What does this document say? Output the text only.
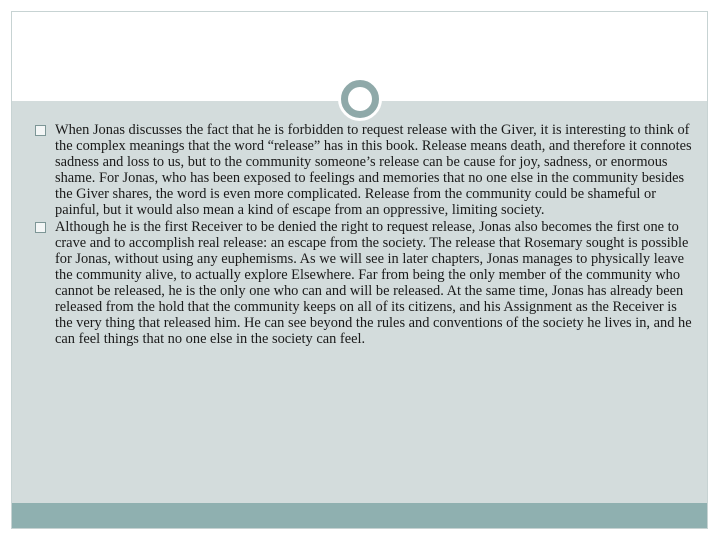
When Jonas discusses the fact that he is forbidden to request release with the Giver, it is interesting to think of the complex meanings that the word “release” has in this book. Release means death, and therefore it connotes sadness and loss to us, but to the community someone’s release can be cause for joy, sadness, or enormous shame. For Jonas, who has been exposed to feelings and memories that no one else in the community besides the Giver shares, the word is even more complicated. Release from the community could be shameful or painful, but it would also mean a kind of escape from an oppressive, limiting society.
Although he is the first Receiver to be denied the right to request release, Jonas also becomes the first one to crave and to accomplish real release: an escape from the society. The release that Rosemary sought is possible for Jonas, without using any euphemisms. As we will see in later chapters, Jonas manages to physically leave the community alive, to actually explore Elsewhere. Far from being the only member of the community who cannot be released, he is the only one who can and will be released. At the same time, Jonas has already been released from the hold that the community keeps on all of its citizens, and his Assignment as the Receiver is the very thing that released him. He can see beyond the rules and conventions of the society he lives in, and he can feel things that no one else in the society can feel.
